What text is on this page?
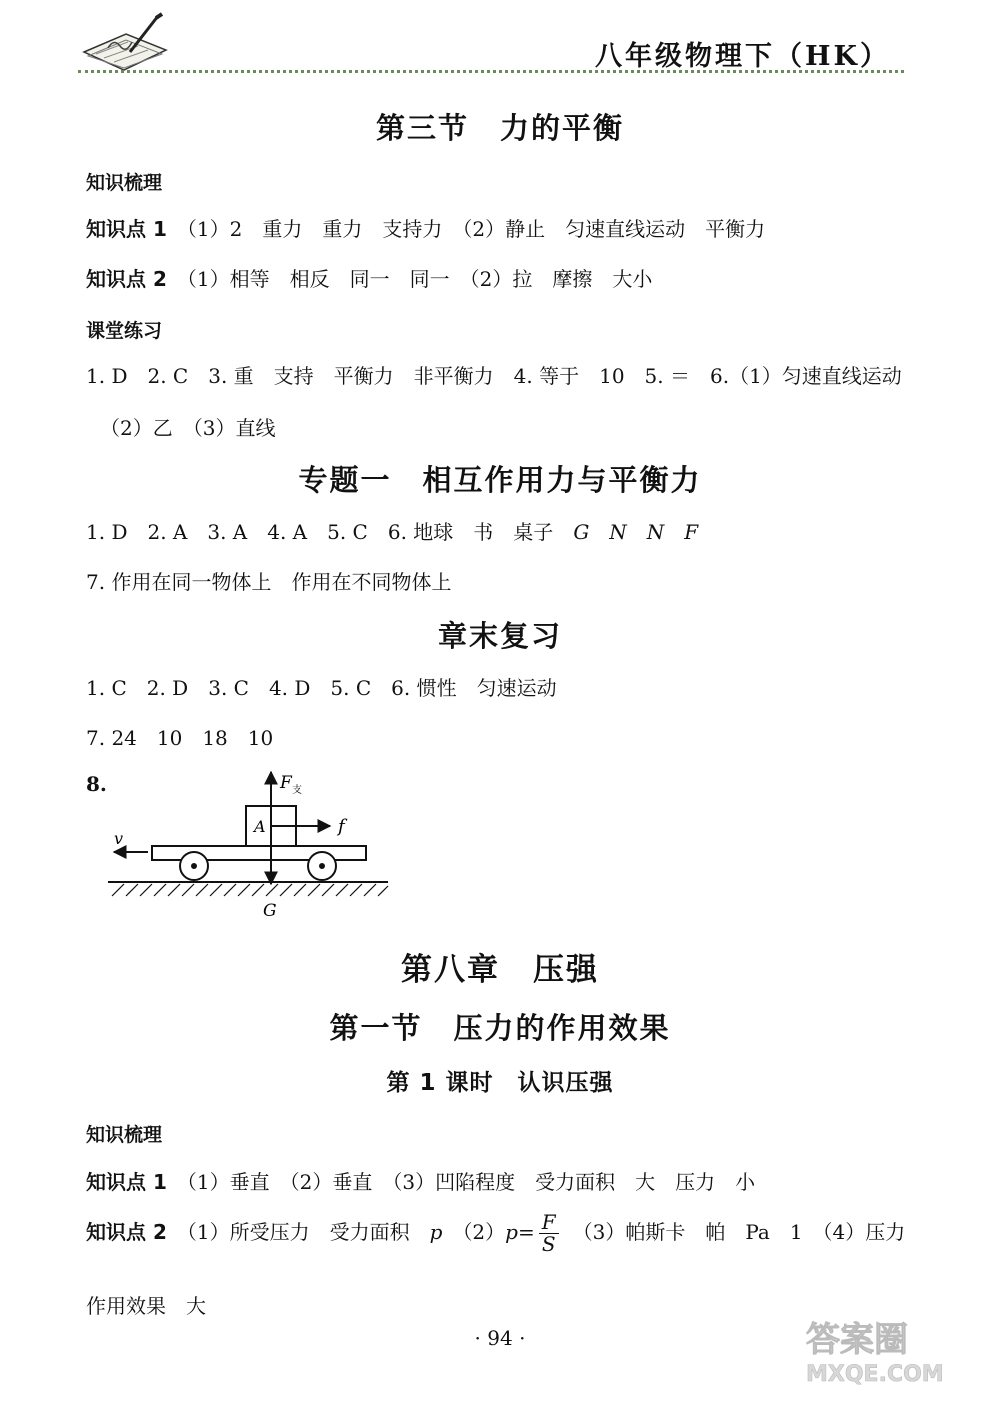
八年级物理下（HK）
第三节　力的平衡
知识梳理
知识点 1　 （1）2　重力　重力　支持力　（2）静止　匀速直线运动　平衡力
知识点 2　 （1）相等　相反　同一　同一　（2）拉　摩擦　大小
课堂练习
1. D　2. C　3. 重　支持　平衡力　非平衡力　4. 等于　10　5. ＝　6.（1）匀速直线运动
（2）乙　（3）直线
专题一　相互作用力与平衡力
1. D　2. A　3. A　4. A　5. C　6. 地球　书　桌子　 G　N　N　F
7. 作用在同一物体上　作用在不同物体上
章末复习
1. C　2. D　3. C　4. D　5. C　6. 惯性　匀速运动
7. 24　10　18　10
8.	F 支
A	f
v
G
第八章　压强
第一节　压力的作用效果
第 1 课时　认识压强
知识梳理
知识点 1　 （1）垂直　（2）垂直　（3）凹陷程度　受力面积　大　压力　小
知识点 2　 （1）所受压力　受力面积　 p　 $(2)p= \frac{F}{S}$
　 （3）帕斯卡　帕　Pa　1　（4）压力
作用效果　大
· 94 ·	答案圈
MXQE.COM
